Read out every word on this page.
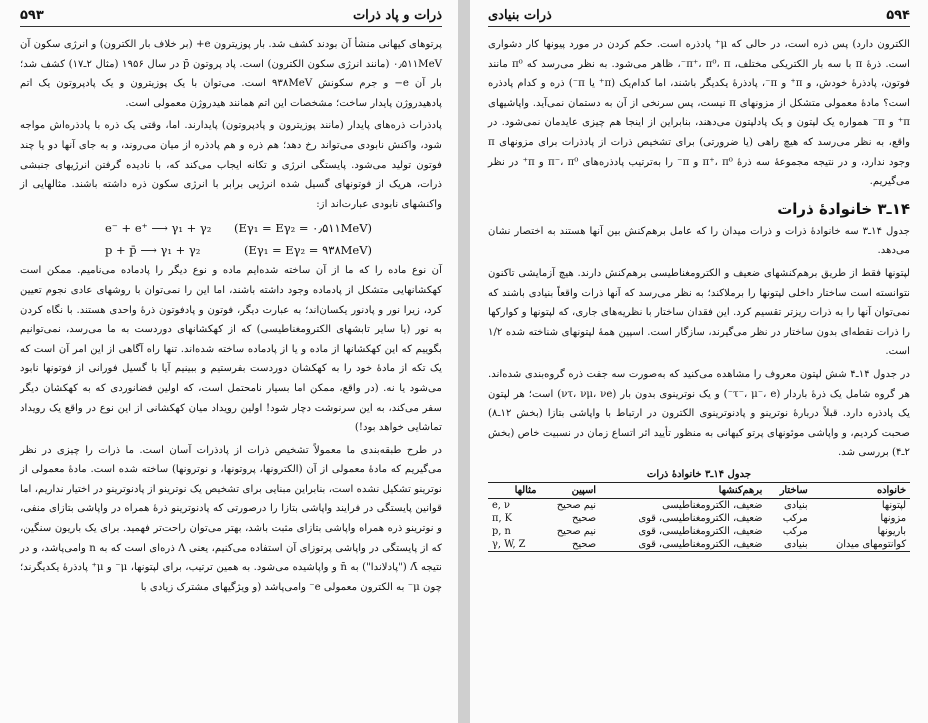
ذرات و پاد ذرات
۵۹۳

پرتوهای کیهانی منشأ آن بودند کشف شد. بار پوزیترون e+ (بر خلاف بار الکترون) و انرژی سکون آن ۰٫۵۱۱MeV (مانند انرژی سکون الکترون) است. پاد پروتون p̄ در سال ۱۹۵۶ (مثال ۲ـ۱۷) کشف شد؛ بار آن e− و جرم سکونش ۹۳۸MeV است. می‌توان با یک پوزیترون و یک پادپروتون یک اتم پادهیدروژن پایدار ساخت؛ مشخصات این اتم همانند هیدروژن معمولی است.

پادذرات ذره‌های پایدار (مانند پوزیترون و پادپروتون) پایدارند. اما، وقتی یک ذره با پادذره‌اش مواجه شود، واکنش نابودی می‌تواند رخ دهد؛ هم ذره و هم پادذره از میان می‌روند، و به جای آنها دو یا چند فوتون تولید می‌شود. پایستگی انرژی و تکانه ایجاب می‌کند که، با نادیده گرفتن انرژیهای جنبشی ذرات، هریک از فوتونهای گسیل شده انرژیی برابر با انرژی سکون ذره داشته باشند. مثالهایی از واکنشهای نابودی عبارت‌اند از:

e⁻ + e⁺ ⟶ γ₁ + γ₂ (Eγ₁ = Eγ₂ = ۰٫۵۱۱MeV)
p + p̄ ⟶ γ₁ + γ₂	(Eγ₁ = Eγ₂ = ۹۳۸MeV)

آن نوع ماده را که ما از آن ساخته شده‌ایم ماده و نوع دیگر را پادماده می‌نامیم. ممکن است کهکشانهایی متشکل از پادماده وجود داشته باشند، اما این را نمی‌توان با روشهای عادی نجوم تعیین کرد، زیرا نور و پادنور یکسان‌اند؛ به عبارت دیگر، فوتون و پادفوتون ذرهٔ واحدی هستند. با نگاه کردن به نور (یا سایر تابشهای الکترومغناطیسی) که از کهکشانهای دوردست به ما می‌رسد، نمی‌توانیم بگوییم که این کهکشانها از ماده و یا از پادماده ساخته شده‌اند. تنها راه آگاهی از این امر آن است که یک تکه از مادهٔ خود را به کهکشان دوردست بفرستیم و ببینیم آیا با گسیل فورانی از فوتونها نابود می‌شود یا نه. (در واقع، ممکن اما بسیار نامحتمل است، که اولین فضانوردی که به کهکشان دیگر سفر می‌کند، به این سرنوشت دچار شود! اولین رویداد میان کهکشانی از این نوع در واقع یک رویداد تماشایی خواهد بود!)

در طرح طبقه‌بندی ما معمولاً تشخیص ذرات از پادذرات آسان است. ما ذرات را چیزی در نظر می‌گیریم که مادهٔ معمولی از آن (الکترونها، پروتونها، و نوترونها) ساخته شده است. مادهٔ معمولی از نوترینو تشکیل نشده است، بنابراین مبنایی برای تشخیص یک نوترینو از پادنوترینو در اختیار نداریم، اما قوانین پایستگی در فرایند واپاشی بتازا را درصورتی که پادنوترینو ذرهٔ همراه در واپاشی بتازای منفی، و نوترینو ذره همراه واپاشی بتازای مثبت باشد، بهتر می‌توان راحت‌تر فهمید. برای یک باریون سنگین، که از پایستگی در واپاشی پرتوزای آن استفاده می‌کنیم، یعنی Λ ذره‌ای است که به n وامی‌پاشد، و در نتیجه Λ̄ ("پادلاندا") به n̄ و واپاشیده می‌شود. به همین ترتیب، برای لپتونها، μ⁻ و μ⁺ پادذرهٔ یکدیگرند؛ چون μ⁻ به الکترون معمولی e⁻ وامی‌پاشد (و ویژگیهای مشترک زیادی با

۵۹۴
ذرات بنیادی

الکترون دارد) پس ذره است، در حالی که μ⁺ پادذره است. حکم کردن در مورد پیونها کار دشواری است. ذرهٔ π با سه بار الکتریکی مختلف، π⁺، π⁰، π⁻، ظاهر می‌شود. به نظر می‌رسد که π⁰ مانند فوتون، پادذرهٔ خودش، و π⁺ و π⁻، پادذرهٔ یکدیگر باشند، اما کدام‌یک (π⁺ یا π⁻) ذره و کدام پادذره است؟ مادهٔ معمولی متشکل از مزونهای π نیست، پس سرنخی از آن به دستمان نمی‌آید. واپاشیهای π⁺ و π⁻ همواره یک لپتون و یک پادلپتون می‌دهند، بنابراین از اینجا هم چیزی عایدمان نمی‌شود. در واقع، به نظر می‌رسد که هیچ راهی (یا ضرورتی) برای تشخیص ذرات از پادذرات برای مزونهای π وجود ندارد، و در نتیجه مجموعهٔ سه ذرهٔ π⁺، π⁰ و π⁻ را به‌ترتیب پادذره‌های π⁻، π⁰ و π⁺ در نظر می‌گیریم.

۱۴ـ۳ خانوادهٔ ذرات

جدول ۱۴ـ۳ سه خانوادهٔ ذرات و ذرات میدان را که عامل برهم‌کنش بین آنها هستند به اختصار نشان می‌دهد.

لپتونها فقط از طریق برهم‌کنشهای ضعیف و الکترومغناطیسی برهم‌کنش دارند. هیچ آزمایشی تاکنون نتوانسته است ساختار داخلی لپتونها را برملاکند؛ به نظر می‌رسد که آنها ذرات واقعاً بنیادی باشند که نمی‌توان آنها را به ذرات ریزتر تقسیم کرد. این فقدان ساختار با نظریه‌های جاری، که لپتونها و کوارکها را ذرات نقطه‌ای بدون ساختار در نظر می‌گیرند، سازگار است. اسپین همهٔ لپتونهای شناخته شده ۱/۲ است.

در جدول ۱۴ـ۴ شش لپتون معروف را مشاهده می‌کنید که به‌صورت سه جفت ذره گروه‌بندی شده‌اند. هر گروه شامل یک ذرهٔ باردار (τ⁻، μ⁻، e⁻) و یک نوترینوی بدون بار (ντ، νμ، νe) است؛ هر لپتون یک پادذره دارد. قبلاً دربارهٔ نوترینو و پادنوترینوی الکترون در ارتباط با واپاشی بتازا (بخش ۱۲ـ۸) صحبت کردیم، و واپاشی موئونهای پرتو کیهانی به منظور تأیید اثر اتساع زمان در نسبیت خاص (بخش ۲ـ۴) بررسی شد.

جدول ۱۴ـ۳ خانوادهٔ ذرات
خانواده	ساختار	برهم‌کنشها	اسپین	مثالها
لپتونها	بنیادی	ضعیف، الکترومغناطیسی	نیم صحیح	e, ν
مزونها	مرکب	ضعیف، الکترومغناطیسی، قوی	صحیح	π, K
باریونها	مرکب	ضعیف، الکترومغناطیسی، قوی	نیم صحیح	p, n
کوانتومهای میدان	بنیادی	ضعیف، الکترومغناطیسی، قوی	صحیح	γ, W, Z
